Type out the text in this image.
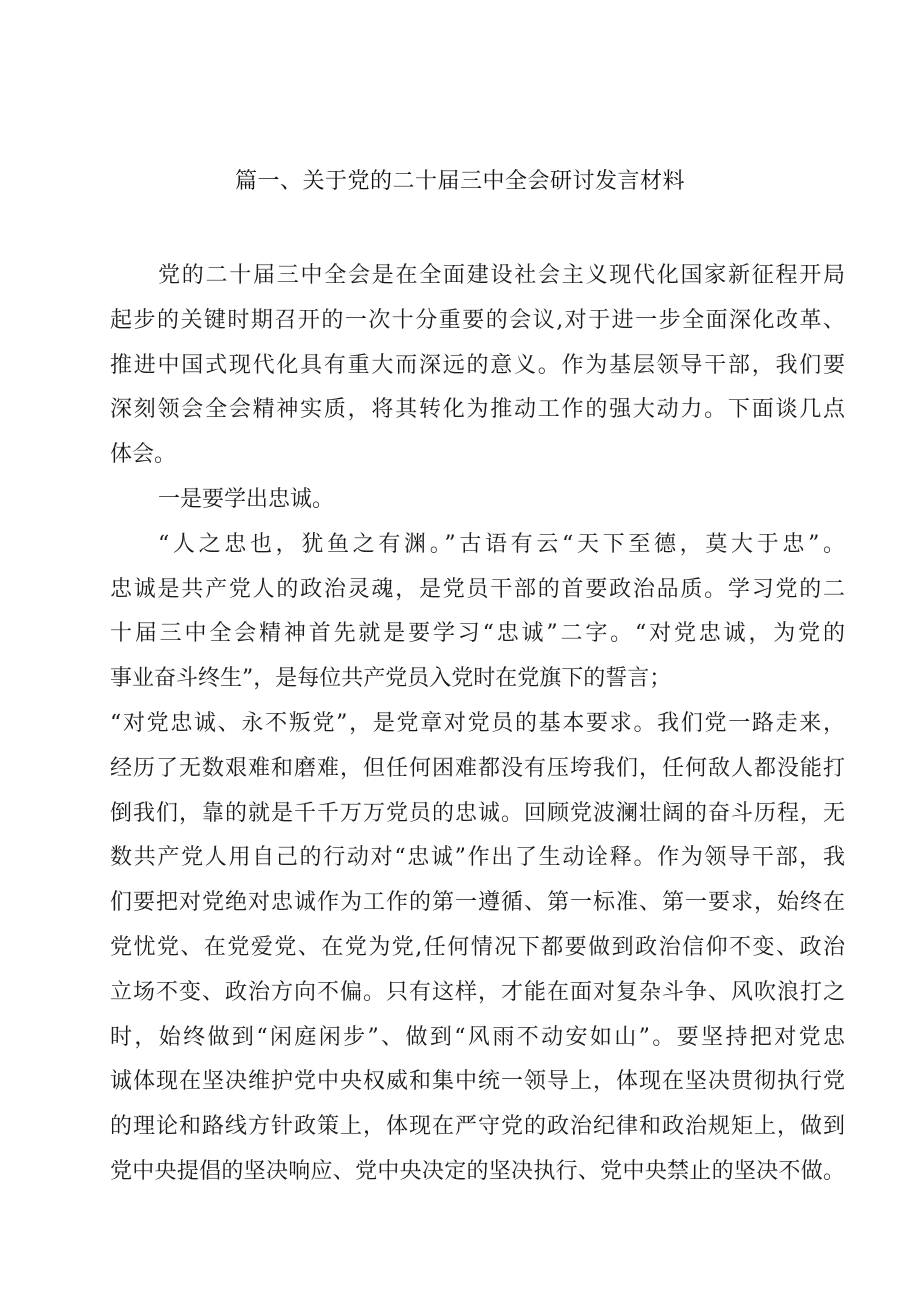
篇一、关于党的二十届三中全会研讨发言材料
党的二十届三中全会是在全面建设社会主义现代化国家新征程开局
起步的关键时期召开的一次十分重要的会议,对于进一步全面深化改革、
推进中国式现代化具有重大而深远的意义。作为基层领导干部，我们要
深刻领会全会精神实质，将其转化为推动工作的强大动力。下面谈几点
体会。
一是要学出忠诚。
“人之忠也，犹鱼之有渊。”古语有云“天下至德，莫大于忠”。
忠诚是共产党人的政治灵魂，是党员干部的首要政治品质。学习党的二
十届三中全会精神首先就是要学习“忠诚”二字。“对党忠诚，为党的
事业奋斗终生”，是每位共产党员入党时在党旗下的誓言；
“对党忠诚、永不叛党”，是党章对党员的基本要求。我们党一路走来，
经历了无数艰难和磨难，但任何困难都没有压垮我们，任何敌人都没能打
倒我们，靠的就是千千万万党员的忠诚。回顾党波澜壮阔的奋斗历程，无
数共产党人用自己的行动对“忠诚”作出了生动诠释。作为领导干部，我
们要把对党绝对忠诚作为工作的第一遵循、第一标准、第一要求，始终在
党忧党、在党爱党、在党为党,任何情况下都要做到政治信仰不变、政治
立场不变、政治方向不偏。只有这样，才能在面对复杂斗争、风吹浪打之
时，始终做到“闲庭闲步”、做到“风雨不动安如山”。要坚持把对党忠
诚体现在坚决维护党中央权威和集中统一领导上，体现在坚决贯彻执行党
的理论和路线方针政策上，体现在严守党的政治纪律和政治规矩上，做到
党中央提倡的坚决响应、党中央决定的坚决执行、党中央禁止的坚决不做。
